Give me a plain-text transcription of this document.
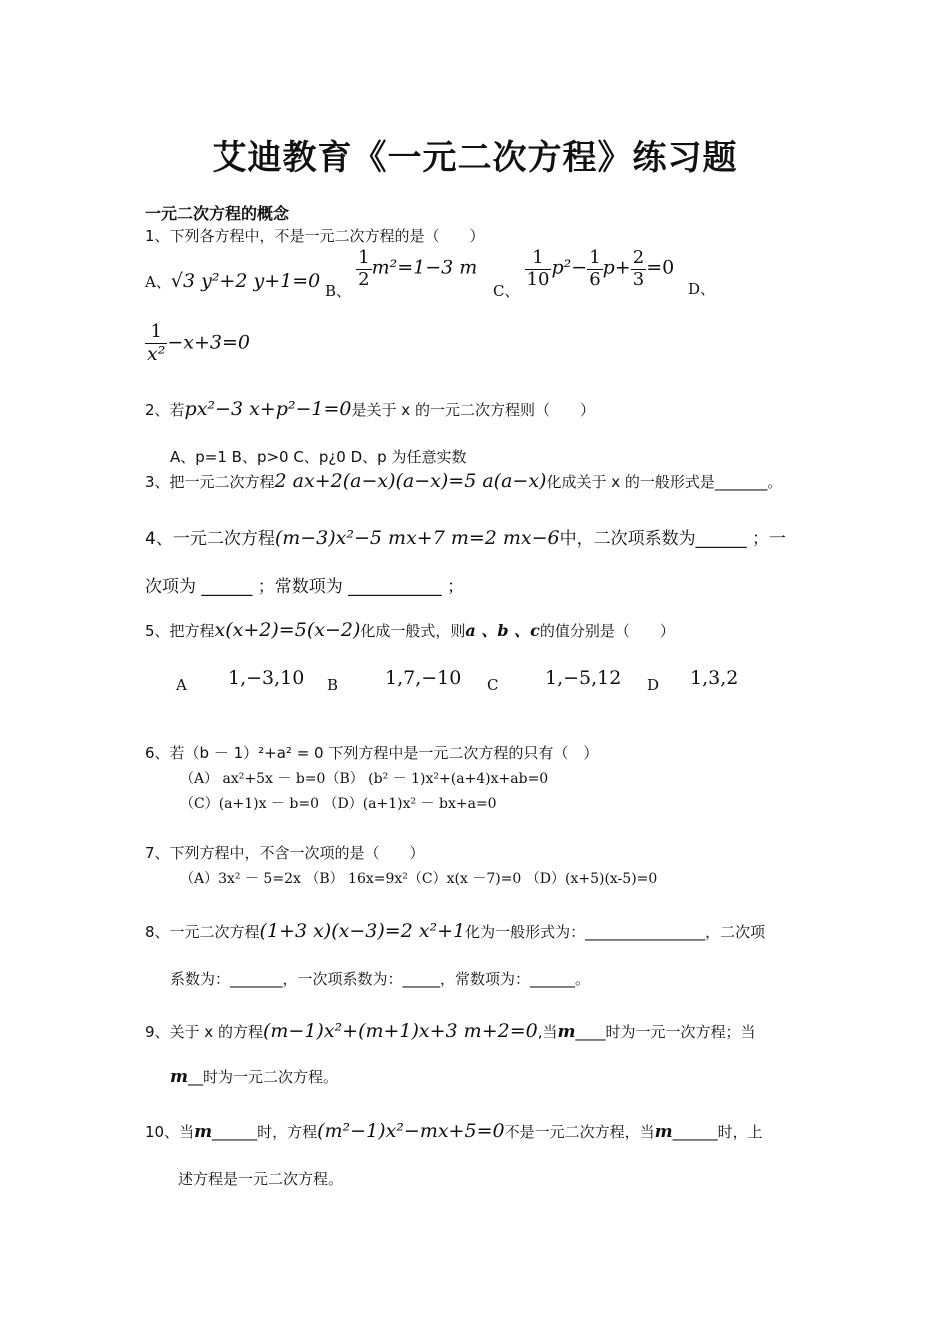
艾迪教育《一元二次方程》练习题
一元二次方程的概念
1、下列各方程中，不是一元二次方程的是（　　）
A、√3 y²+2 y+1=0 B、
$\frac{1}{2} m^2=1-3$ m
C、
$\frac{1}{10} p^2- \frac{1}{6} p+ \frac{2}{3} =0$
D、
$\frac{1}{\text{x²}} -x+3=0$
2、若px²−3 x+p²−1=0是关于 x 的一元二次方程则（　　）
A、p=1 B、p>0 C、p¿0 D、p 为任意实数
3、把一元二次方程2 ax+2(a−x)(a−x)=5 a(a−x)化成关于 x 的一般形式是_______。
4、一元二次方程(m−3)x²−5 mx+7 m=2 mx−6中，二次项系数为______ ；一
次项为 ______ ；常数项为 ___________ ；
5、把方程x(x+2)=5(x−2)化成一般式，则a 、b 、c的值分别是（　　）
A 1,−3,10 B 1,7,−10 C 1,−5,12 D 1,3,2
6、若（b － 1）²+a² = 0 下列方程中是一元二次方程的只有（　）
（A） ax²+5x － b=0（B） (b² － 1)x²+(a+4)x+ab=0
（C）(a+1)x － b=0 （D）(a+1)x² － bx+a=0
7、下列方程中，不含一次项的是（　　）
（A）3x² － 5=2x （B） 16x=9x²（C）x(x －7)=0 （D）(x+5)(x-5)=0
8、一元二次方程(1+3 x)(x−3)=2 x²+1化为一般形式为：________________，二次项
系数为：_______，一次项系数为：_____，常数项为：______。
9、关于 x 的方程(m−1)x²+(m+1)x+3 m+2=0,当m____时为一元一次方程；当
m__时为一元二次方程。
10、当m______时，方程(m²−1)x²−mx+5=0不是一元二次方程，当m______时，上
述方程是一元二次方程。
